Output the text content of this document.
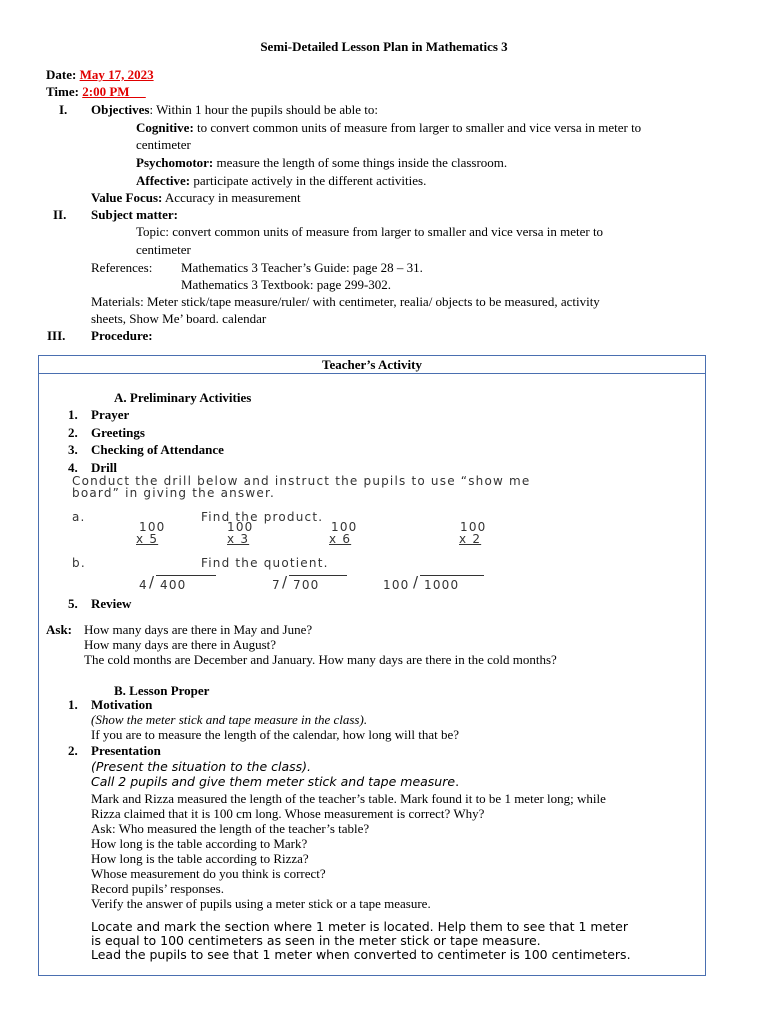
Semi-Detailed Lesson Plan in Mathematics 3
Date: May 17, 2023
Time: 2:00 PM
I. Objectives: Within 1 hour the pupils should be able to:
Cognitive: to convert common units of measure from larger to smaller and vice versa in meter to
centimeter
Psychomotor: measure the length of some things inside the classroom.
Affective: participate actively in the different activities.
Value Focus: Accuracy in measurement
II. Subject matter:
Topic: convert common units of measure from larger to smaller and vice versa in meter to
centimeter
References: Mathematics 3 Teacher’s Guide: page 28 – 31.
Mathematics 3 Textbook: page 299-302.
Materials: Meter stick/tape measure/ruler/ with centimeter, realia/ objects to be measured, activity
sheets, Show Me’ board. calendar
III. Procedure:
Teacher’s Activity
A. Preliminary Activities
1. Prayer
2. Greetings
3. Checking of Attendance
4. Drill
Conduct the drill below and instruct the pupils to use “show me
board” in giving the answer.
a.	Find the product.
100
x 5
100
x 3
100
x 6
100
x 2
b.	Find the quotient.
4 / 400	7 / 700	100 / 1000
5. Review
Ask: How many days are there in May and June?
How many days are there in August?
The cold months are December and January. How many days are there in the cold months?
B. Lesson Proper
1. Motivation
(Show the meter stick and tape measure in the class).
If you are to measure the length of the calendar, how long will that be?
2. Presentation
(Present the situation to the class).
Call 2 pupils and give them meter stick and tape measure.
Mark and Rizza measured the length of the teacher’s table. Mark found it to be 1 meter long; while
Rizza claimed that it is 100 cm long. Whose measurement is correct? Why?
Ask: Who measured the length of the teacher’s table?
How long is the table according to Mark?
How long is the table according to Rizza?
Whose measurement do you think is correct?
Record pupils’ responses.
Verify the answer of pupils using a meter stick or a tape measure.
Locate and mark the section where 1 meter is located. Help them to see that 1 meter
is equal to 100 centimeters as seen in the meter stick or tape measure.
Lead the pupils to see that 1 meter when converted to centimeter is 100 centimeters.
